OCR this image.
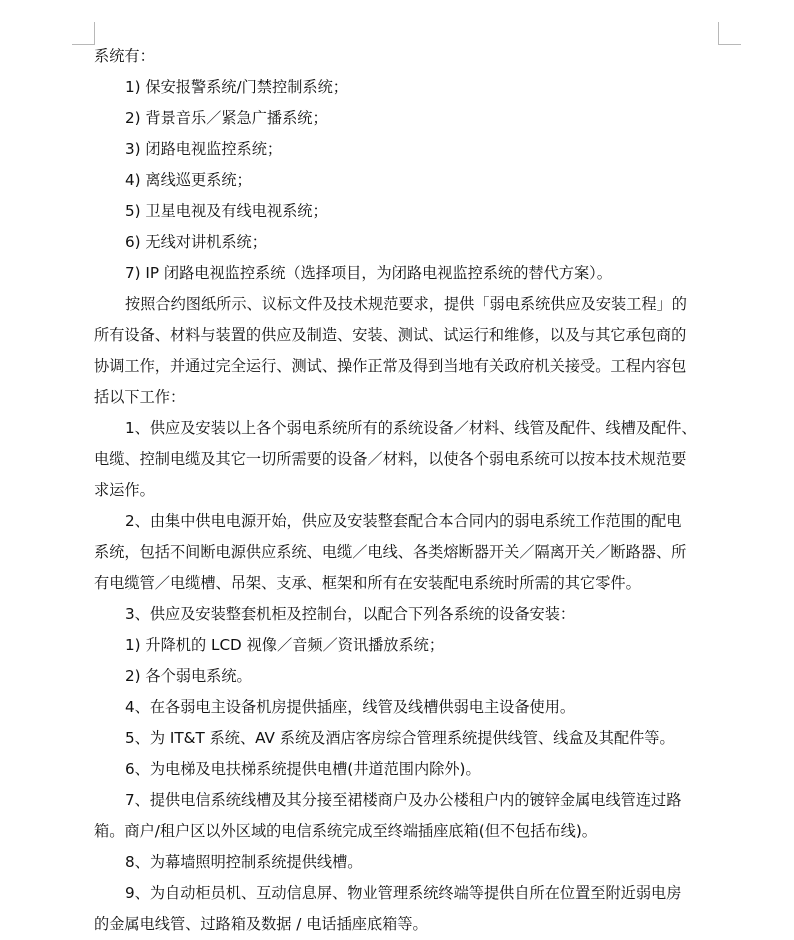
系统有：
1) 保安报警系统/门禁控制系统；
2) 背景音乐／紧急广播系统；
3) 闭路电视监控系统；
4) 离线巡更系统；
5) 卫星电视及有线电视系统；
6) 无线对讲机系统；
7) IP 闭路电视监控系统（选择项目，为闭路电视监控系统的替代方案）。
按照合约图纸所示、议标文件及技术规范要求，提供「弱电系统供应及安装工程」的
所有设备、材料与装置的供应及制造、安装、测试、试运行和维修，以及与其它承包商的
协调工作，并通过完全运行、测试、操作正常及得到当地有关政府机关接受。工程内容包
括以下工作：
1、供应及安装以上各个弱电系统所有的系统设备／材料、线管及配件、线槽及配件、
电缆、控制电缆及其它一切所需要的设备／材料，以使各个弱电系统可以按本技术规范要
求运作。
2、由集中供电电源开始，供应及安装整套配合本合同内的弱电系统工作范围的配电
系统，包括不间断电源供应系统、电缆／电线、各类熔断器开关／隔离开关／断路器、所
有电缆管／电缆槽、吊架、支承、框架和所有在安装配电系统时所需的其它零件。
3、供应及安装整套机柜及控制台，以配合下列各系统的设备安装：
1) 升降机的 LCD 视像／音频／资讯播放系统；
2) 各个弱电系统。
4、在各弱电主设备机房提供插座，线管及线槽供弱电主设备使用。
5、为 IT&T 系统、AV 系统及酒店客房综合管理系统提供线管、线盒及其配件等。
6、为电梯及电扶梯系统提供电槽(井道范围内除外)。
7、提供电信系统线槽及其分接至裙楼商户及办公楼租户内的镀锌金属电线管连过路
箱。商户/租户区以外区域的电信系统完成至终端插座底箱(但不包括布线)。
8、为幕墙照明控制系统提供线槽。
9、为自动柜员机、互动信息屏、物业管理系统终端等提供自所在位置至附近弱电房
的金属电线管、过路箱及数据 / 电话插座底箱等。
